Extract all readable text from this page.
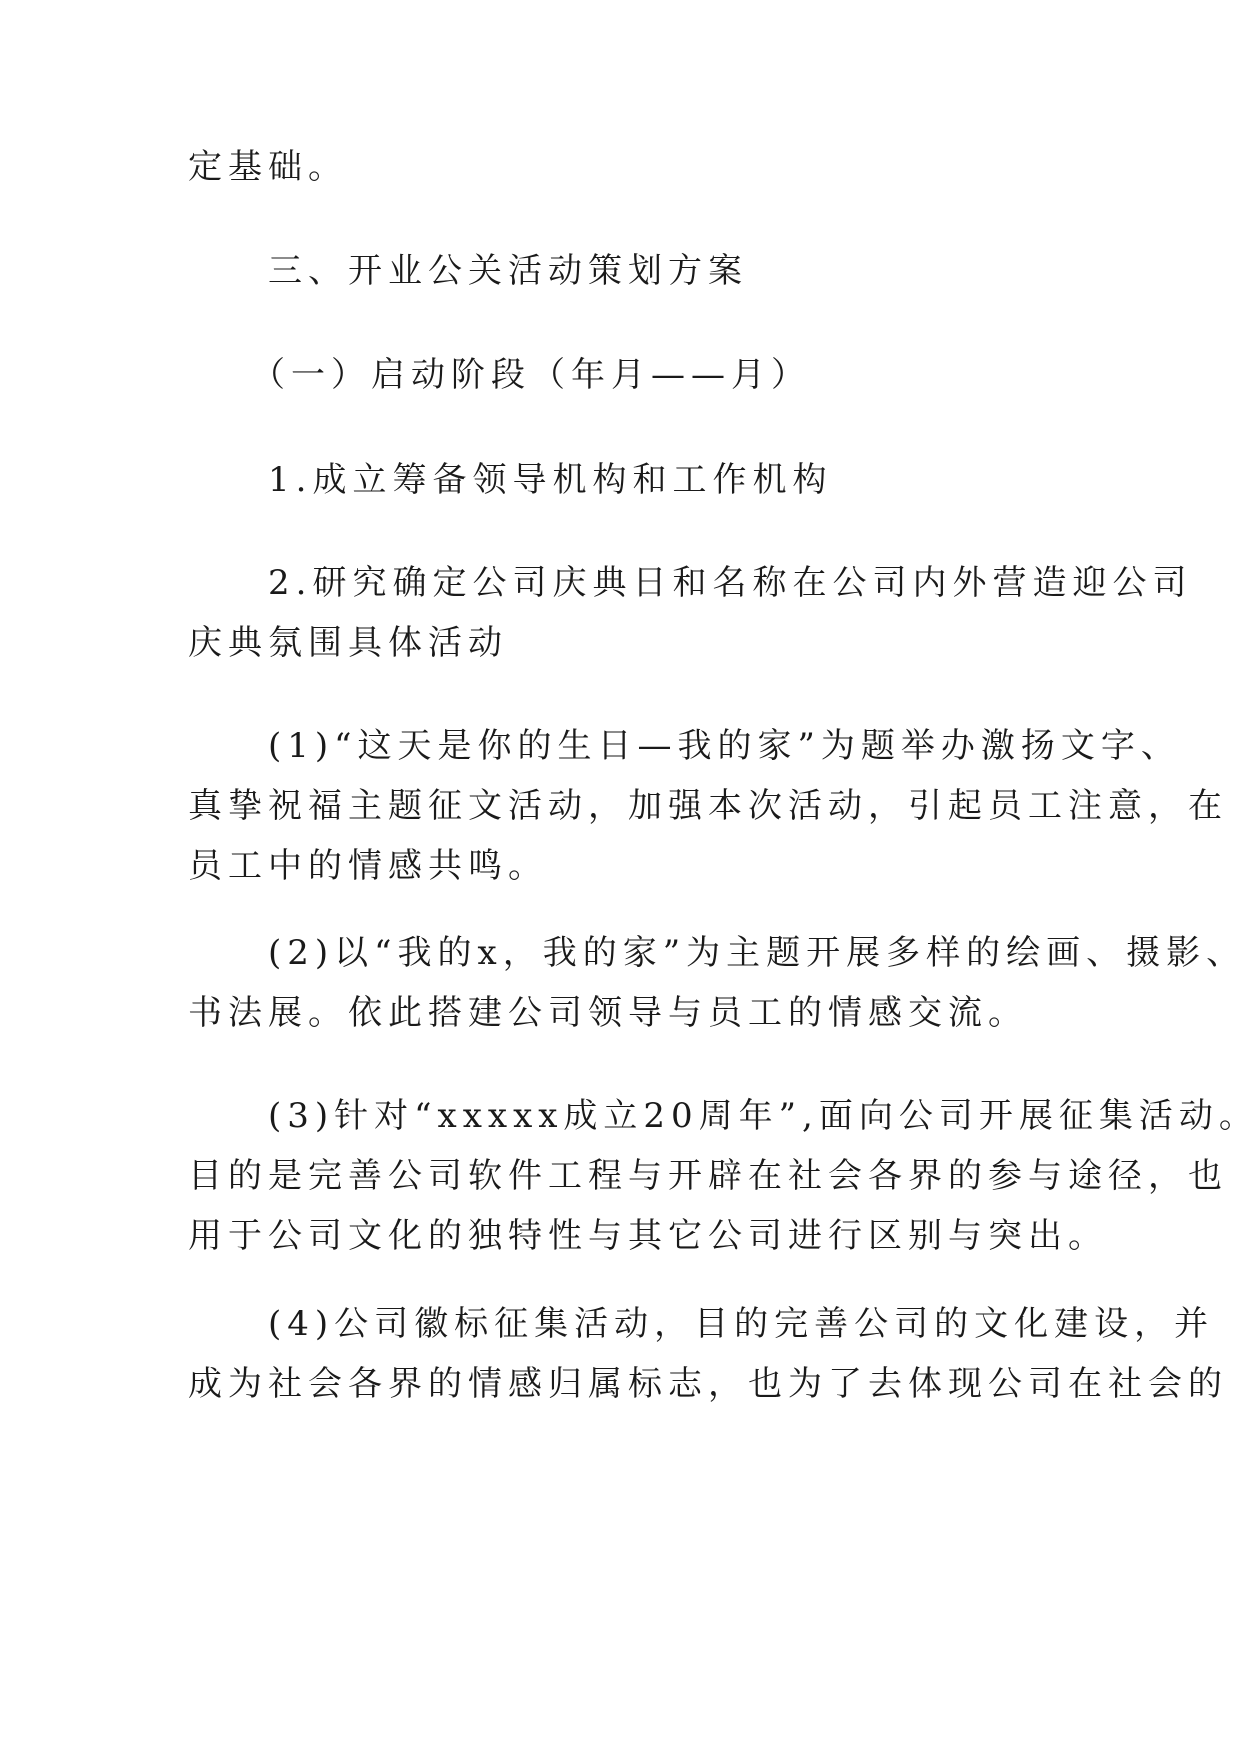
定基础。
　　三、开业公关活动策划方案
　　（一）启动阶段（年月——月）
　　1.成立筹备领导机构和工作机构
　　2.研究确定公司庆典日和名称在公司内外营造迎公司
庆典氛围具体活动
　　(1)“这天是你的生日—我的家”为题举办激扬文字、
真挚祝福主题征文活动，加强本次活动，引起员工注意，在
员工中的情感共鸣。
　　(2)以“我的x，我的家”为主题开展多样的绘画、摄影、
书法展。依此搭建公司领导与员工的情感交流。
　　(3)针对“xxxxx成立20周年”,面向公司开展征集活动。
目的是完善公司软件工程与开辟在社会各界的参与途径，也
用于公司文化的独特性与其它公司进行区别与突出。
　　(4)公司徽标征集活动，目的完善公司的文化建设，并
成为社会各界的情感归属标志，也为了去体现公司在社会的
